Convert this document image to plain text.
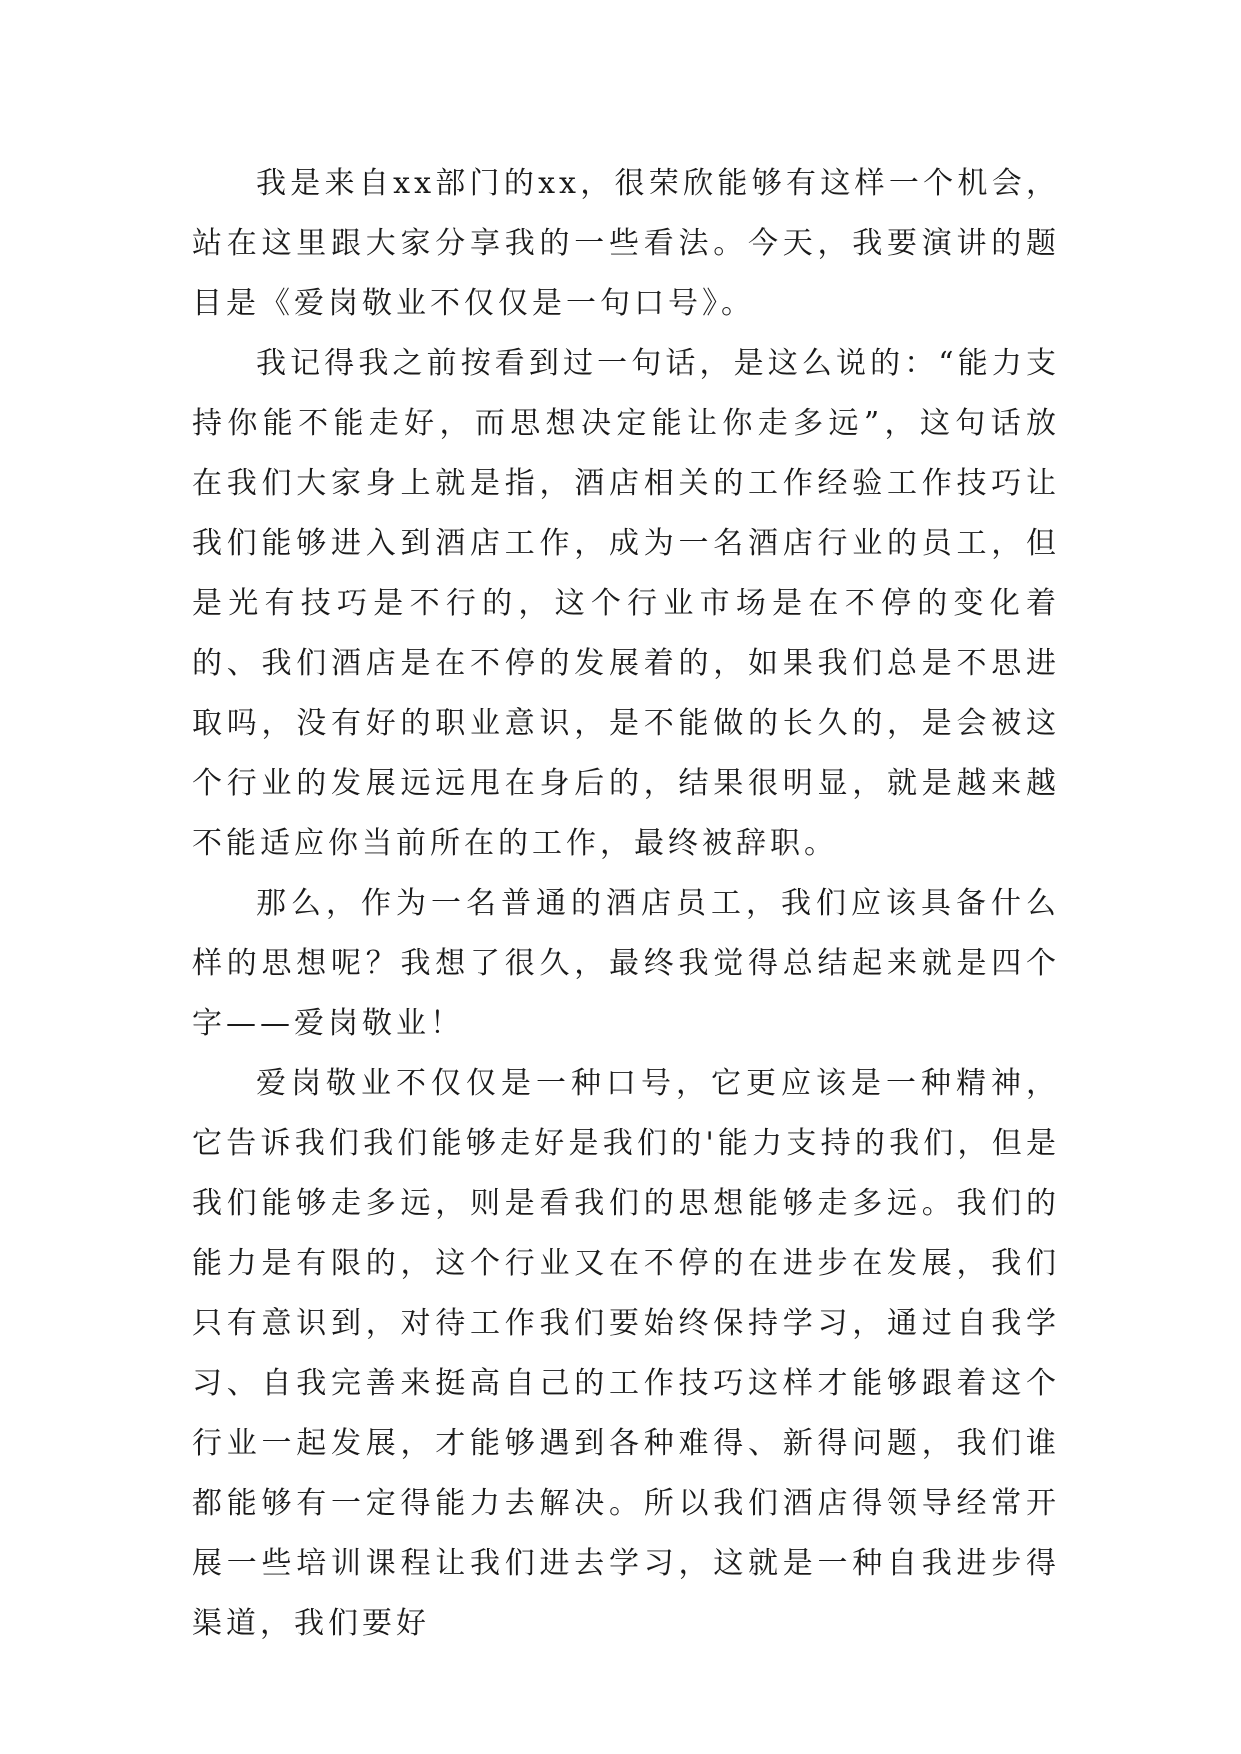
我是来自xx部门的xx，很荣欣能够有这样一个机会，站在这里跟大家分享我的一些看法。今天，我要演讲的题目是《爱岗敬业不仅仅是一句口号》。

我记得我之前按看到过一句话，是这么说的：“能力支持你能不能走好，而思想决定能让你走多远”，这句话放在我们大家身上就是指，酒店相关的工作经验工作技巧让我们能够进入到酒店工作，成为一名酒店行业的员工，但是光有技巧是不行的，这个行业市场是在不停的变化着的、我们酒店是在不停的发展着的，如果我们总是不思进取吗，没有好的职业意识，是不能做的长久的，是会被这个行业的发展远远甩在身后的，结果很明显，就是越来越不能适应你当前所在的工作，最终被辞职。

那么，作为一名普通的酒店员工，我们应该具备什么样的思想呢？我想了很久，最终我觉得总结起来就是四个字——爱岗敬业！

爱岗敬业不仅仅是一种口号，它更应该是一种精神，它告诉我们我们能够走好是我们的'能力支持的我们，但是我们能够走多远，则是看我们的思想能够走多远。我们的能力是有限的，这个行业又在不停的在进步在发展，我们只有意识到，对待工作我们要始终保持学习，通过自我学习、自我完善来挺高自己的工作技巧这样才能够跟着这个行业一起发展，才能够遇到各种难得、新得问题，我们谁都能够有一定得能力去解决。所以我们酒店得领导经常开展一些培训课程让我们进去学习，这就是一种自我进步得渠道，我们要好
